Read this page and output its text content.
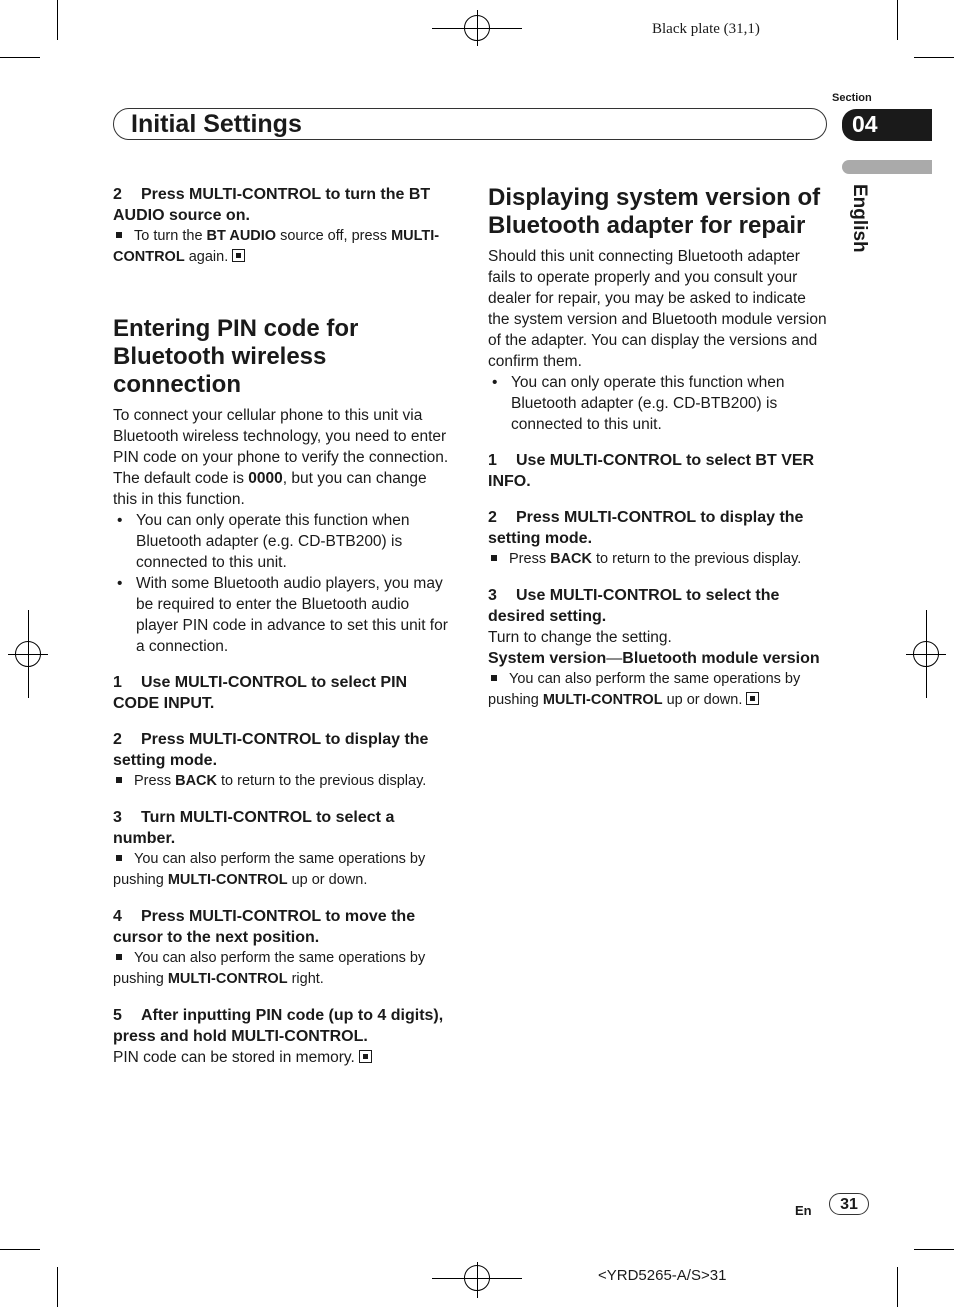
Black plate (31,1)
Initial Settings
Section
04
English

2 Press MULTI-CONTROL to turn the BT AUDIO source on.

To turn the BT AUDIO source off, press MULTI-CONTROL again.

Entering PIN code for Bluetooth wireless connection

To connect your cellular phone to this unit via Bluetooth wireless technology, you need to enter PIN code on your phone to verify the connection. The default code is 0000, but you can change this in this function.

• You can only operate this function when Bluetooth adapter (e.g. CD-BTB200) is connected to this unit.

• With some Bluetooth audio players, you may be required to enter the Bluetooth audio player PIN code in advance to set this unit for a connection.

1 Use MULTI-CONTROL to select PIN CODE INPUT.

2 Press MULTI-CONTROL to display the setting mode.

Press BACK to return to the previous display.

3 Turn MULTI-CONTROL to select a number.

You can also perform the same operations by pushing MULTI-CONTROL up or down.

4 Press MULTI-CONTROL to move the cursor to the next position.

You can also perform the same operations by pushing MULTI-CONTROL right.

5 After inputting PIN code (up to 4 digits), press and hold MULTI-CONTROL.

PIN code can be stored in memory.

Displaying system version of Bluetooth adapter for repair

Should this unit connecting Bluetooth adapter fails to operate properly and you consult your dealer for repair, you may be asked to indicate the system version and Bluetooth module version of the adapter. You can display the versions and confirm them.

• You can only operate this function when Bluetooth adapter (e.g. CD-BTB200) is connected to this unit.

1 Use MULTI-CONTROL to select BT VER INFO.

2 Press MULTI-CONTROL to display the setting mode.

Press BACK to return to the previous display.

3 Use MULTI-CONTROL to select the desired setting.

Turn to change the setting.

System version—Bluetooth module version

You can also perform the same operations by pushing MULTI-CONTROL up or down.

En	31
<YRD5265-A/S>31
